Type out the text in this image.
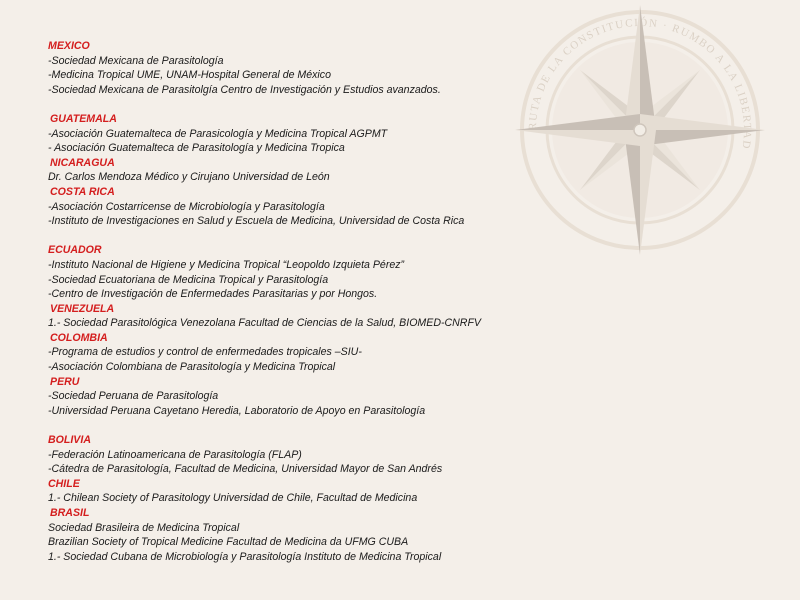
RUTA DE LA CONSTITUCIÓN · RUMBO A LA LIBERTAD
MEXICO
-Sociedad Mexicana de Parasitología
-Medicina Tropical UME, UNAM-Hospital General de México
-Sociedad Mexicana de Parasitolgía Centro de Investigación y Estudios avanzados.
GUATEMALA
-Asociación Guatemalteca de Parasicología y Medicina Tropical AGPMT
- Asociación Guatemalteca de Parasitología y Medicina Tropica
NICARAGUA
Dr. Carlos Mendoza Médico y Cirujano Universidad de León
COSTA RICA
-Asociación Costarricense de Microbiología y Parasitología
-Instituto de Investigaciones en Salud y Escuela de Medicina, Universidad de Costa Rica
ECUADOR
-Instituto Nacional de Higiene y Medicina Tropical “Leopoldo Izquieta Pérez”
-Sociedad Ecuatoriana de Medicina Tropical y Parasitología
-Centro de Investigación de Enfermedades Parasitarias y por Hongos.
VENEZUELA
1.- Sociedad Parasitológica Venezolana Facultad de Ciencias de la Salud, BIOMED-CNRFV
COLOMBIA
-Programa de estudios y control de enfermedades tropicales –SIU-
-Asociación Colombiana de Parasitología y Medicina Tropical
PERU
-Sociedad Peruana de Parasitología
-Universidad Peruana Cayetano Heredia, Laboratorio de Apoyo en Parasitología
BOLIVIA
-Federación Latinoamericana de Parasitología (FLAP)
-Cátedra de Parasitología, Facultad de Medicina, Universidad Mayor de San Andrés
CHILE
1.- Chilean Society of Parasitology Universidad de Chile, Facultad de Medicina
BRASIL
Sociedad Brasileira de Medicina Tropical
Brazilian Society of Tropical Medicine Facultad de Medicina da UFMG CUBA
1.- Sociedad Cubana de Microbiología y Parasitología Instituto de Medicina Tropical
